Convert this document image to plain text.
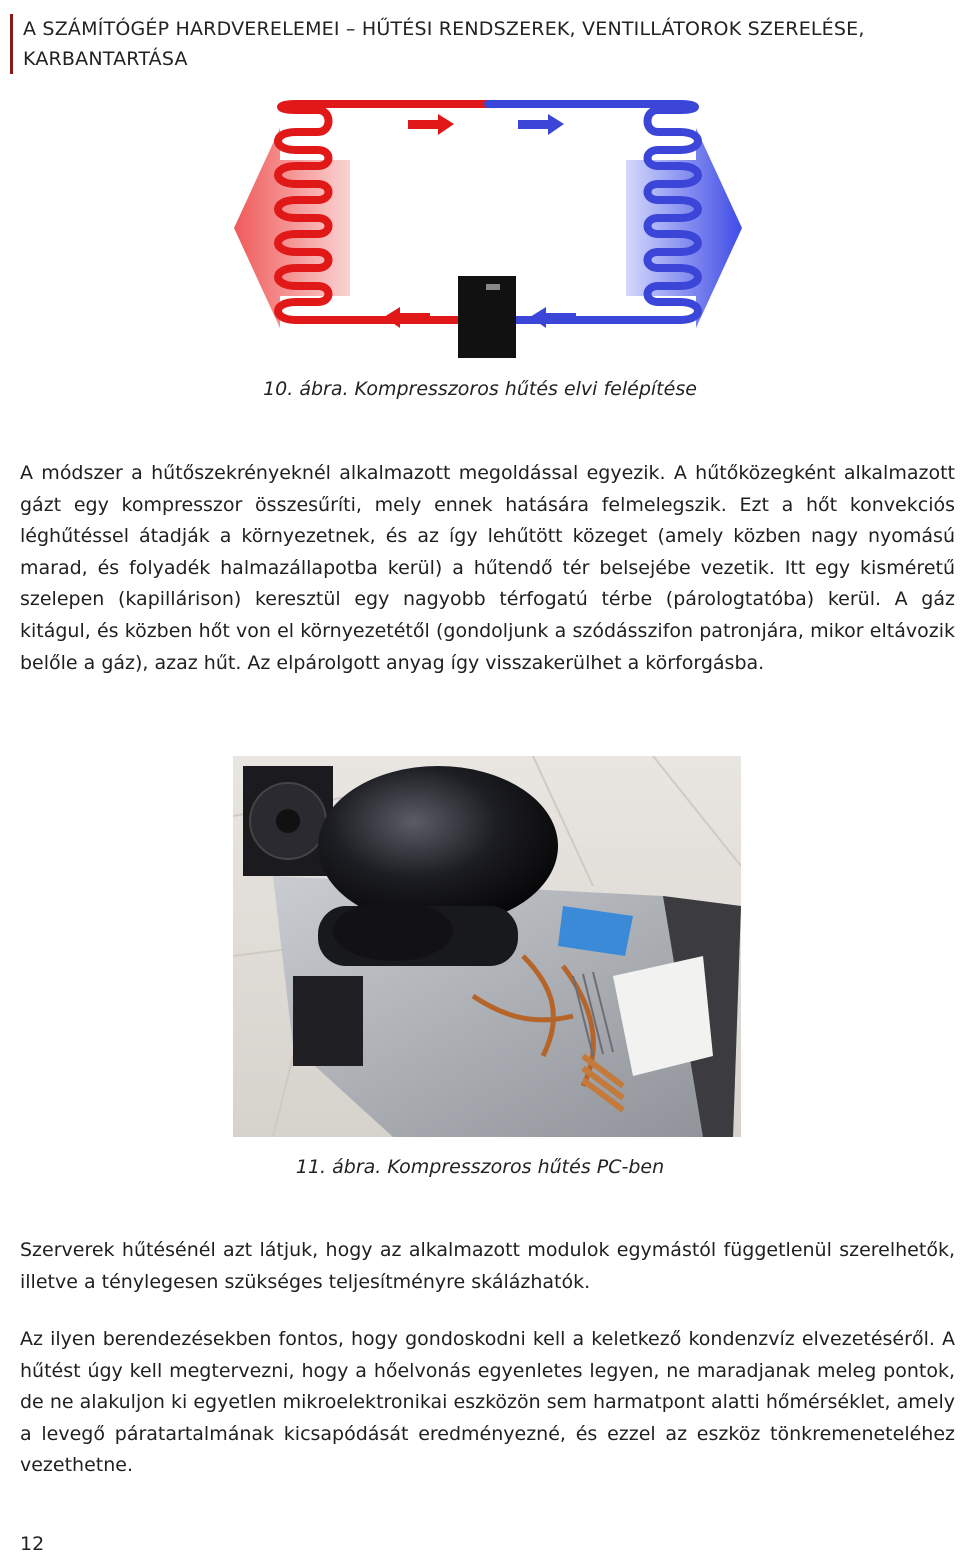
A SZÁMÍTÓGÉP HARDVERELEMEI – HŰTÉSI RENDSZEREK, VENTILLÁTOROK SZERELÉSE,
KARBANTARTÁSA
10. ábra. Kompresszoros hűtés elvi felépítése

A módszer a hűtőszekrényeknél alkalmazott megoldással egyezik. A hűtőközegként alkalmazott gázt egy kompresszor összesűríti, mely ennek hatására felmelegszik. Ezt a hőt konvekciós léghűtéssel átadják a környezetnek, és az így lehűtött közeget (amely közben nagy nyomású marad, és folyadék halmazállapotba kerül) a hűtendő tér belsejébe vezetik. Itt egy kisméretű szelepen (kapillárison) keresztül egy nagyobb térfogatú térbe (párologtatóba) kerül. A gáz kitágul, és közben hőt von el környezetétől (gondoljunk a szódásszifon patronjára, mikor eltávozik belőle a gáz), azaz hűt. Az elpárolgott anyag így visszakerülhet a körforgásba.

11. ábra. Kompresszoros hűtés PC-ben

Szerverek hűtésénél azt látjuk, hogy az alkalmazott modulok egymástól függetlenül szerelhetők, illetve a ténylegesen szükséges teljesítményre skálázhatók.

Az ilyen berendezésekben fontos, hogy gondoskodni kell a keletkező kondenzvíz elvezetéséről. A hűtést úgy kell megtervezni, hogy a hőelvonás egyenletes legyen, ne maradjanak meleg pontok, de ne alakuljon ki egyetlen mikroelektronikai eszközön sem harmatpont alatti hőmérséklet, amely a levegő páratartalmának kicsapódását eredményezné, és ezzel az eszköz tönkremeneteléhez vezethetne.

12
